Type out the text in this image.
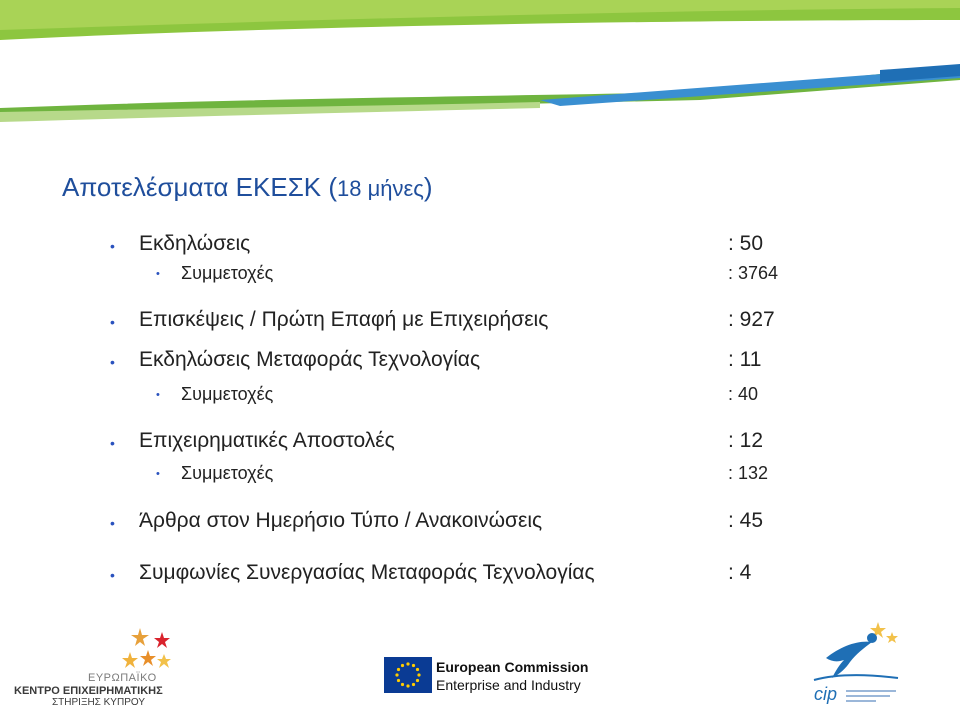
Αποτελέσματα ΕΚΕΣΚ (18 μήνες)
• Εκδηλώσεις	: 50
• Συμμετοχές	: 3764
• Επισκέψεις / Πρώτη Επαφή με Επιχειρήσεις	: 927
• Εκδηλώσεις Μεταφοράς Τεχνολογίας	: 11
• Συμμετοχές	: 40
• Επιχειρηματικές Αποστολές	: 12
• Συμμετοχές	: 132
• Άρθρα στον Ημερήσιο Τύπο / Ανακοινώσεις	: 45
• Συμφωνίες Συνεργασίας Μεταφοράς Τεχνολογίας	: 4
ΕΥΡΩΠΑΪΚΟ
ΚΕΝΤΡΟ ΕΠΙΧΕΙΡΗΜΑΤΙΚΗΣ
ΣΤΗΡΙΞΗΣ ΚΥΠΡΟΥ
European Commission
Enterprise and Industry	cip
